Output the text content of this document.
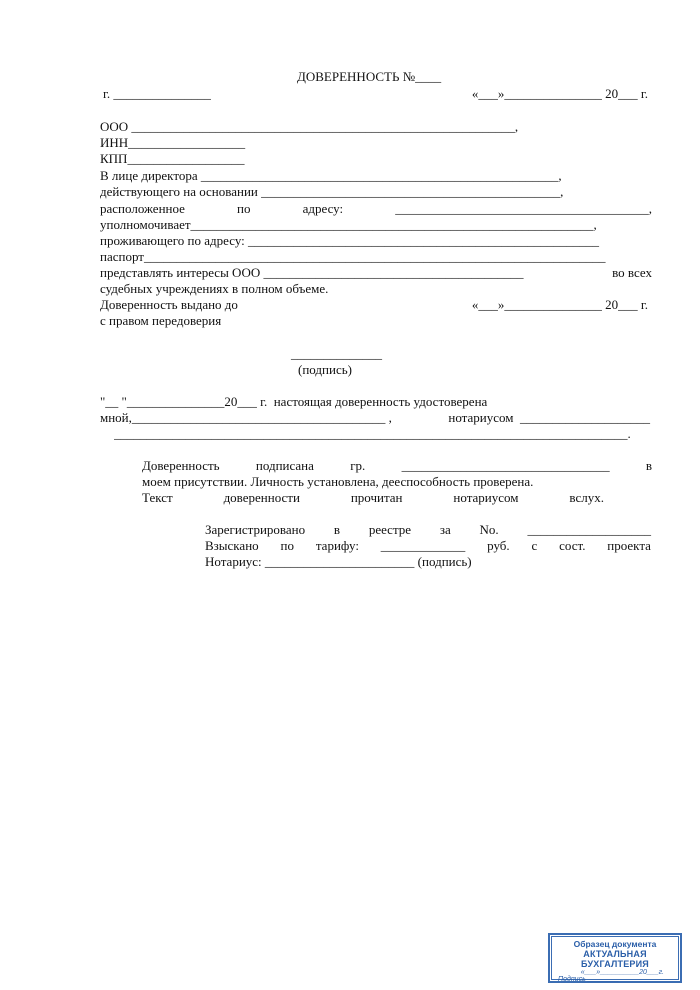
ДОВЕРЕННОСТЬ №____
г. _______________	«___»_______________ 20___ г.
ООО ___________________________________________________________,
ИНН__________________
КПП__________________
В лице директора _______________________________________________________,
действующего на основании ______________________________________________,
расположенное	по	адресу:	_______________________________________,
уполномочивает______________________________________________________________,
проживающего по адресу: ______________________________________________________
паспорт_______________________________________________________________________
представлять интересы ООО ________________________________________	во всех
судебных учреждениях в полном объеме.
Доверенность выдано до	«___»_______________ 20___ г.
с правом передоверия
______________
(подпись)
"__ "_______________20___ г.  настоящая доверенность удостоверена
мной,_______________________________________ ,	нотариусом  ____________________
_______________________________________________________________________________.
Доверенность	подписана	гр.	________________________________	в
моем присутствии. Личность установлена, дееспособность проверена.
Текст	доверенности	прочитан	нотариусом	вслух.
Зарегистрировано в реестре за No. ___________________
Взыскано по тарифу: _____________ руб. с сост. проекта
Нотариус: _______________________ (подпись)
Образец документа
АКТУАЛЬНАЯ БУХГАЛТЕРИЯ
«___»__________20___г.
Подпись ________
